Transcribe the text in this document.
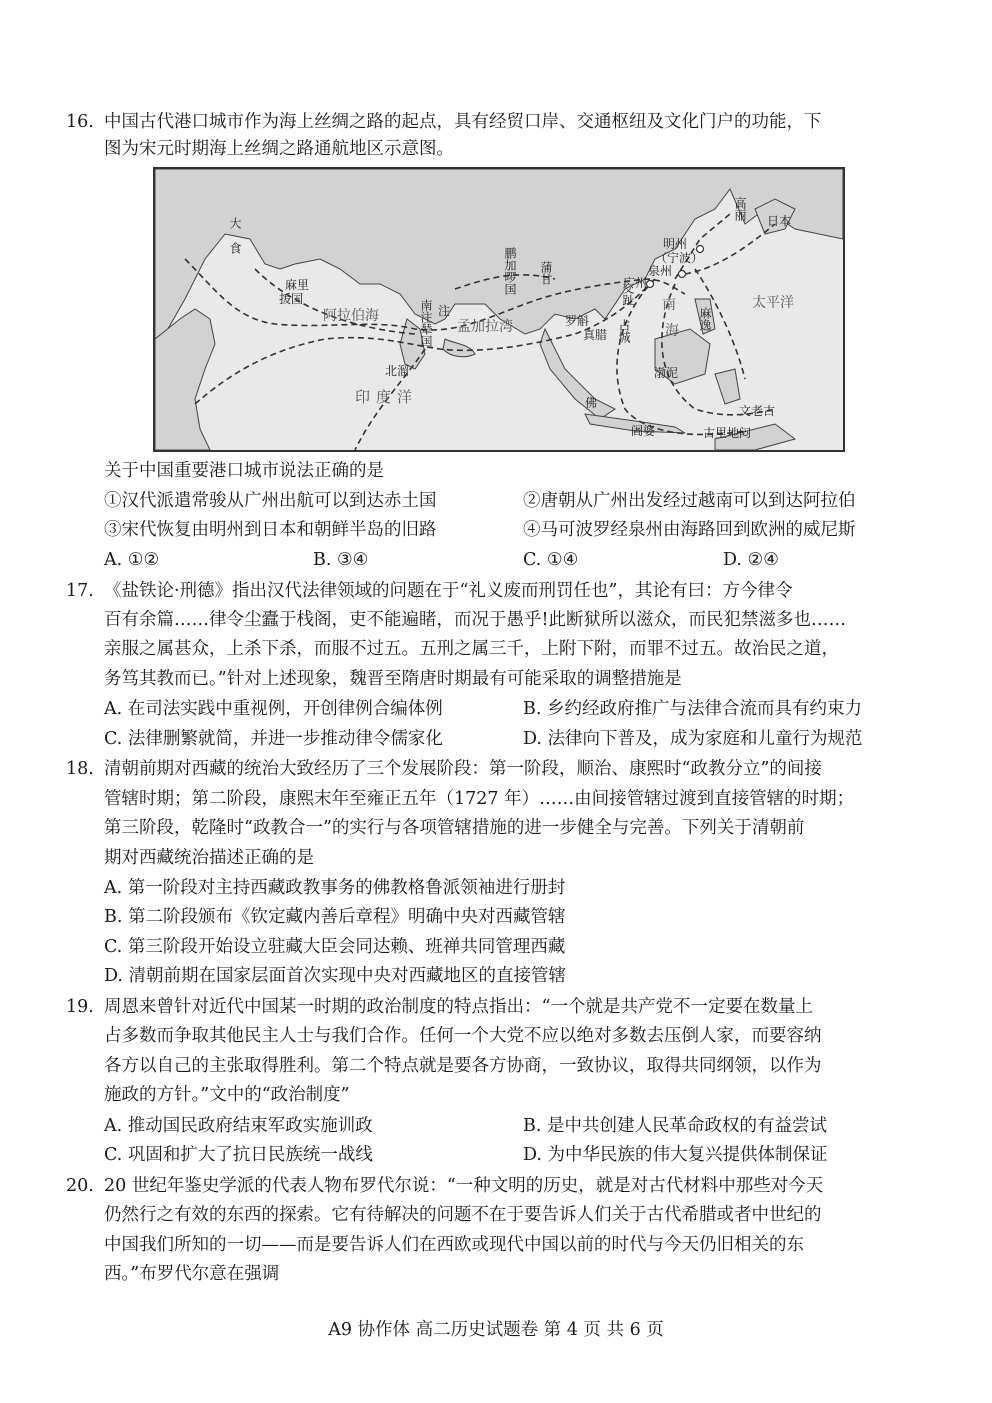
16. 中国古代港口城市作为海上丝绸之路的起点，具有经贸口岸、交通枢纽及文化门户的功能，下
图为宋元时期海上丝绸之路通航地区示意图。
大
食
麻里
㧞国
阿拉伯海	南注辇国 注
孟加拉湾
蒲甘
鹏加啰国	交趾
罗斛
真腊 占城
广州
泉州
明州
（宁波）
高丽 日本
太平洋
南
海 麻逸
渤泥
北溜
印度洋	佛
阇婆
文老古
古里地闷
关于中国重要港口城市说法正确的是
①汉代派遣常骏从广州出航可以到达赤土国	②唐朝从广州出发经过越南可以到达阿拉伯
③宋代恢复由明州到日本和朝鲜半岛的旧路	④马可波罗经泉州由海路回到欧洲的威尼斯
A. ①②	B. ③④	C. ①④	D. ②④
17. 《盐铁论·刑德》指出汉代法律领域的问题在于“礼义废而刑罚任也”，其论有曰：方今律令
百有余篇……律令尘蠹于栈阁，吏不能遍睹，而况于愚乎!此断狱所以滋众，而民犯禁滋多也……
亲服之属甚众，上杀下杀，而服不过五。五刑之属三千，上附下附，而罪不过五。故治民之道，
务笃其教而已。”针对上述现象，魏晋至隋唐时期最有可能采取的调整措施是
A. 在司法实践中重视例，开创律例合编体例	B. 乡约经政府推广与法律合流而具有约束力
C. 法律删繁就简，并进一步推动律令儒家化	D. 法律向下普及，成为家庭和儿童行为规范
18. 清朝前期对西藏的统治大致经历了三个发展阶段：第一阶段，顺治、康熙时“政教分立”的间接
管辖时期；第二阶段，康熙末年至雍正五年（1727 年）……由间接管辖过渡到直接管辖的时期；
第三阶段，乾隆时“政教合一”的实行与各项管辖措施的进一步健全与完善。下列关于清朝前
期对西藏统治描述正确的是
A. 第一阶段对主持西藏政教事务的佛教格鲁派领袖进行册封
B. 第二阶段颁布《钦定藏内善后章程》明确中央对西藏管辖
C. 第三阶段开始设立驻藏大臣会同达赖、班禅共同管理西藏
D. 清朝前期在国家层面首次实现中央对西藏地区的直接管辖
19. 周恩来曾针对近代中国某一时期的政治制度的特点指出：“一个就是共产党不一定要在数量上
占多数而争取其他民主人士与我们合作。任何一个大党不应以绝对多数去压倒人家，而要容纳
各方以自己的主张取得胜利。第二个特点就是要各方协商，一致协议，取得共同纲领，以作为
施政的方针。”文中的“政治制度”
A. 推动国民政府结束军政实施训政	B. 是中共创建人民革命政权的有益尝试
C. 巩固和扩大了抗日民族统一战线	D. 为中华民族的伟大复兴提供体制保证
20. 20 世纪年鉴史学派的代表人物布罗代尔说：“一种文明的历史，就是对古代材料中那些对今天
仍然行之有效的东西的探索。它有待解决的问题不在于要告诉人们关于古代希腊或者中世纪的
中国我们所知的一切——而是要告诉人们在西欧或现代中国以前的时代与今天仍旧相关的东
西。”布罗代尔意在强调
A9 协作体 高二历史试题卷 第 4 页 共 6 页
